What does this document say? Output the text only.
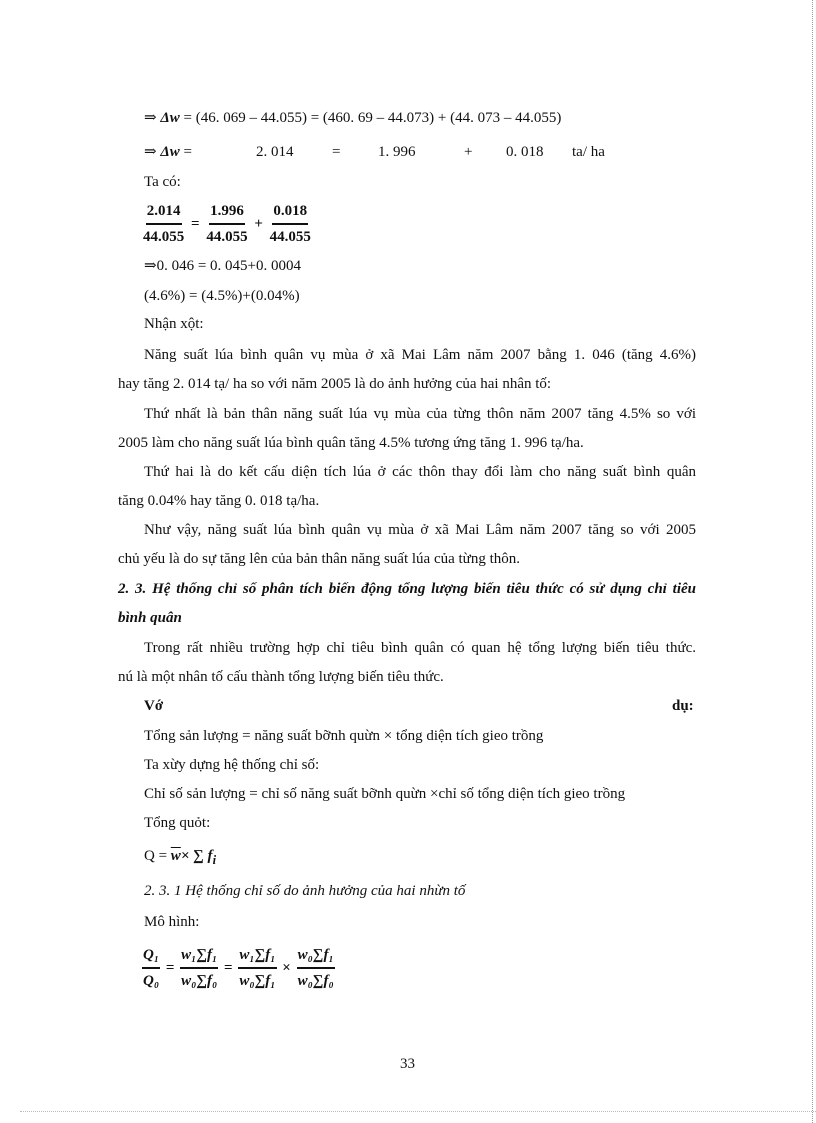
⇒ Δw = (46. 069 – 44.055) = (460. 69 – 44.073) + (44. 073 – 44.055)
⇒ Δw =	2. 014	=	1. 996	+ 0. 018 ta/ ha
Ta có:
$\frac{2.014}{44.055} = \frac{1.996}{44.055} + \frac{0.018}{44.055}$
⇒0. 046 = 0. 045+0. 0004
(4.6%) = (4.5%)+(0.04%)
Nhận xột:
Năng suất lúa bình quân vụ mùa ở xã Mai Lâm năm 2007 bằng 1. 046 (tăng 4.6%)
hay tăng 2. 014 tạ/ ha so với năm 2005 là do ảnh hưởng của hai nhân tố:
Thứ nhất là bản thân năng suất lúa vụ mùa của từng thôn năm 2007 tăng 4.5% so với
2005 làm cho năng suất lúa bình quân tăng 4.5% tương ứng tăng 1. 996 tạ/ha.
Thứ hai là do kết cấu diện tích lúa ở các thôn thay đổi làm cho năng suất bình quân
tăng 0.04% hay tăng 0. 018 tạ/ha.
Như vậy, năng suất lúa bình quân vụ mùa ở xã Mai Lâm năm 2007 tăng so với 2005
chủ yếu là do sự tăng lên của bản thân năng suất lúa của từng thôn.
2. 3. Hệ thống chỉ số phân tích biến động tổng lượng biến tiêu thức có sử dụng chỉ tiêu
bình quân
Trong rất nhiều trường hợp chỉ tiêu bình quân có quan hệ tổng lượng biến tiêu thức.
nú là một nhân tố cấu thành tổng lượng biến tiêu thức.
Vớ	dụ:
Tổng sản lượng = năng suất bỡnh quừn × tổng diện tích gieo trồng
Ta xừy dựng hệ thống chỉ số:
Chỉ số sản lượng = chỉ số năng suất bỡnh quừn ×chỉ số tổng diện tích gieo trồng
Tổng quỏt:
$Q = \overline{w}\times$ ∑ $f_i$
2. 3. 1 Hệ thống chỉ số do ảnh hưởng của hai nhừn tố
Mô hình:
$\frac{\text{Q₁}}{\text{Q₀}} = \frac{\text{w₁∑f₁}}{\text{w₀∑f₀}} = \frac{\text{w₁∑f₁}}{\text{w₀∑f₁}} \times \frac{\text{w₀∑f₁}}{\text{w₀∑f₀}}$
33
